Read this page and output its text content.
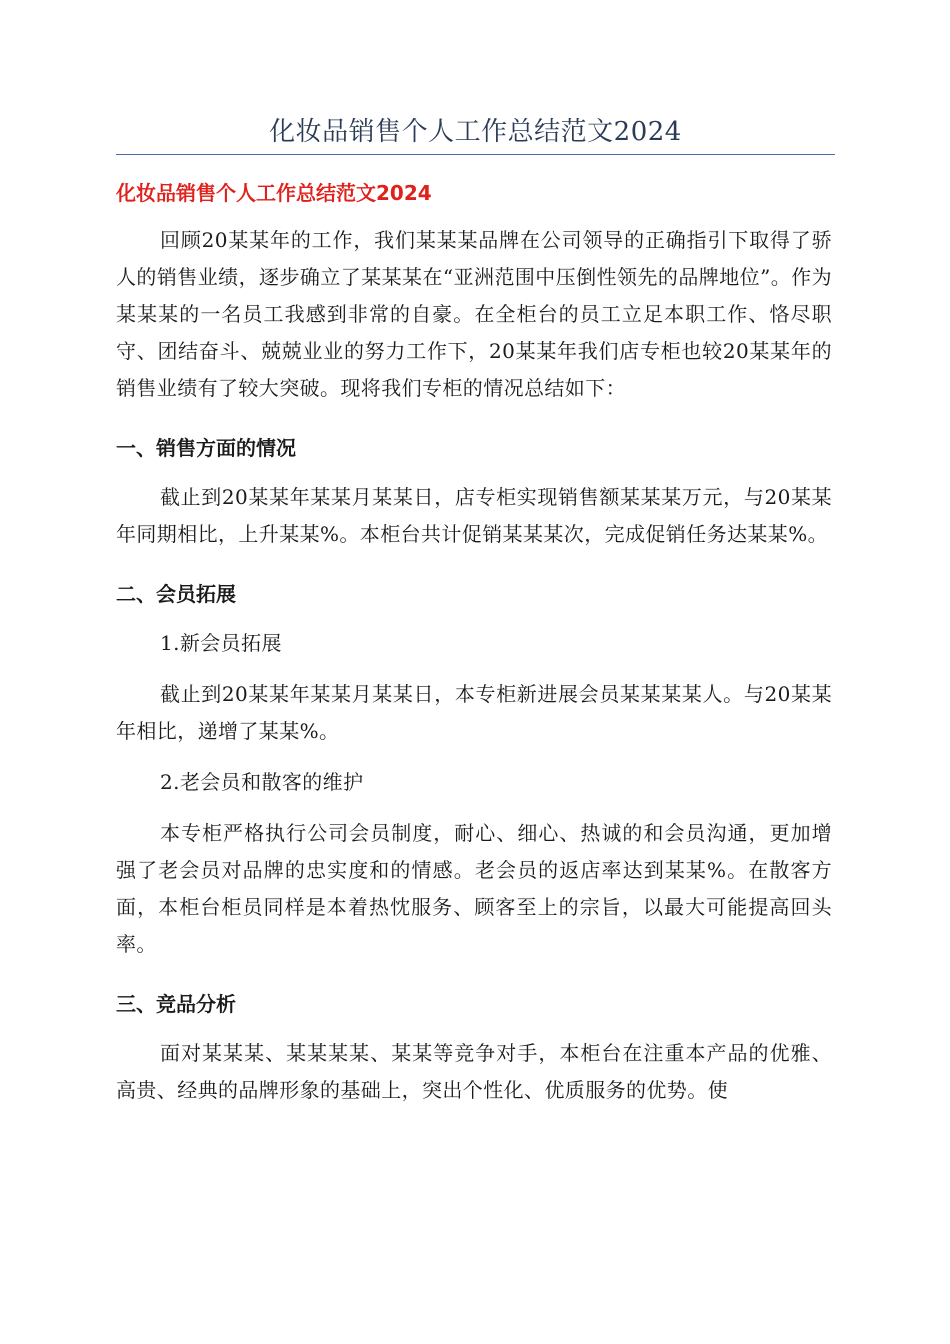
化妆品销售个人工作总结范文2024
化妆品销售个人工作总结范文2024

回顾20某某年的工作，我们某某某品牌在公司领导的正确指引下取得了骄人的销售业绩，逐步确立了某某某在“亚洲范围中压倒性领先的品牌地位”。作为某某某的一名员工我感到非常的自豪。在全柜台的员工立足本职工作、恪尽职守、团结奋斗、兢兢业业的努力工作下，20某某年我们店专柜也较20某某年的销售业绩有了较大突破。现将我们专柜的情况总结如下：

一、销售方面的情况

截止到20某某年某某月某某日，店专柜实现销售额某某某万元，与20某某年同期相比，上升某某%。本柜台共计促销某某某次，完成促销任务达某某%。

二、会员拓展

1.新会员拓展

截止到20某某年某某月某某日，本专柜新进展会员某某某某人。与20某某年相比，递增了某某%。

2.老会员和散客的维护

本专柜严格执行公司会员制度，耐心、细心、热诚的和会员沟通，更加增强了老会员对品牌的忠实度和的情感。老会员的返店率达到某某%。在散客方面，本柜台柜员同样是本着热忱服务、顾客至上的宗旨，以最大可能提高回头率。

三、竞品分析

面对某某某、某某某某、某某等竞争对手，本柜台在注重本产品的优雅、高贵、经典的品牌形象的基础上，突出个性化、优质服务的优势。使
